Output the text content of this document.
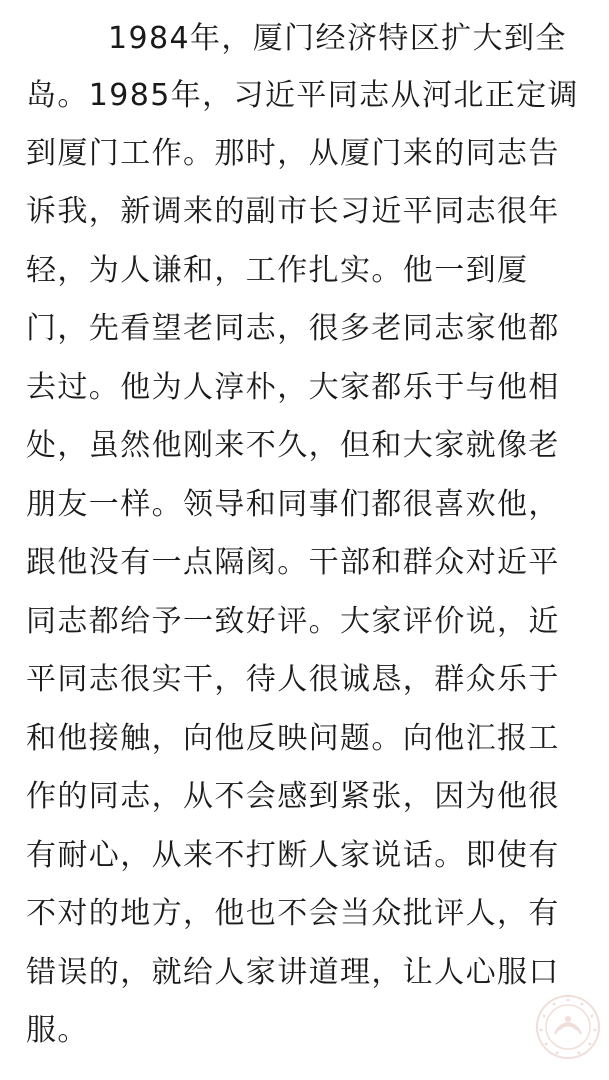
1984年，厦门经济特区扩大到全
岛。1985年，习近平同志从河北正定调
到厦门工作。那时，从厦门来的同志告
诉我，新调来的副市长习近平同志很年
轻，为人谦和，工作扎实。他一到厦
门，先看望老同志，很多老同志家他都
去过。他为人淳朴，大家都乐于与他相
处，虽然他刚来不久，但和大家就像老
朋友一样。领导和同事们都很喜欢他，
跟他没有一点隔阂。干部和群众对近平
同志都给予一致好评。大家评价说，近
平同志很实干，待人很诚恳，群众乐于
和他接触，向他反映问题。向他汇报工
作的同志，从不会感到紧张，因为他很
有耐心，从来不打断人家说话。即使有
不对的地方，他也不会当众批评人，有
错误的，就给人家讲道理，让人心服口
服。
